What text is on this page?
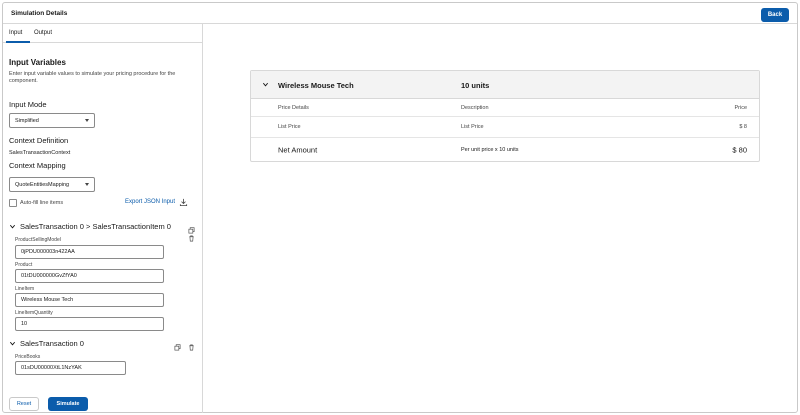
Simulation Details	Back
Input Output
Input Variables
Enter input variable values to simulate your pricing procedure for the component.
Input Mode
Simplified
Context Definition
SalesTransactionContext
Context Mapping
QuoteEntitiesMapping
Auto-fill line items	Export JSON Input
SalesTransaction 0 > SalesTransactionItem 0
ProductSellingModel
0jPDU000003n422AA
Product
01tDU000000GvZfYA0
LineItem
Wireless Mouse Tech
LineItemQuantity
10
SalesTransaction 0
PriceBooks
01sDU00000XtL1NzYAK
Reset	Simulate
Wireless Mouse Tech	10 units
Price Details	Description	Price
List Price	List Price	$ 8
Net Amount	Per unit price x 10 units	$ 80
